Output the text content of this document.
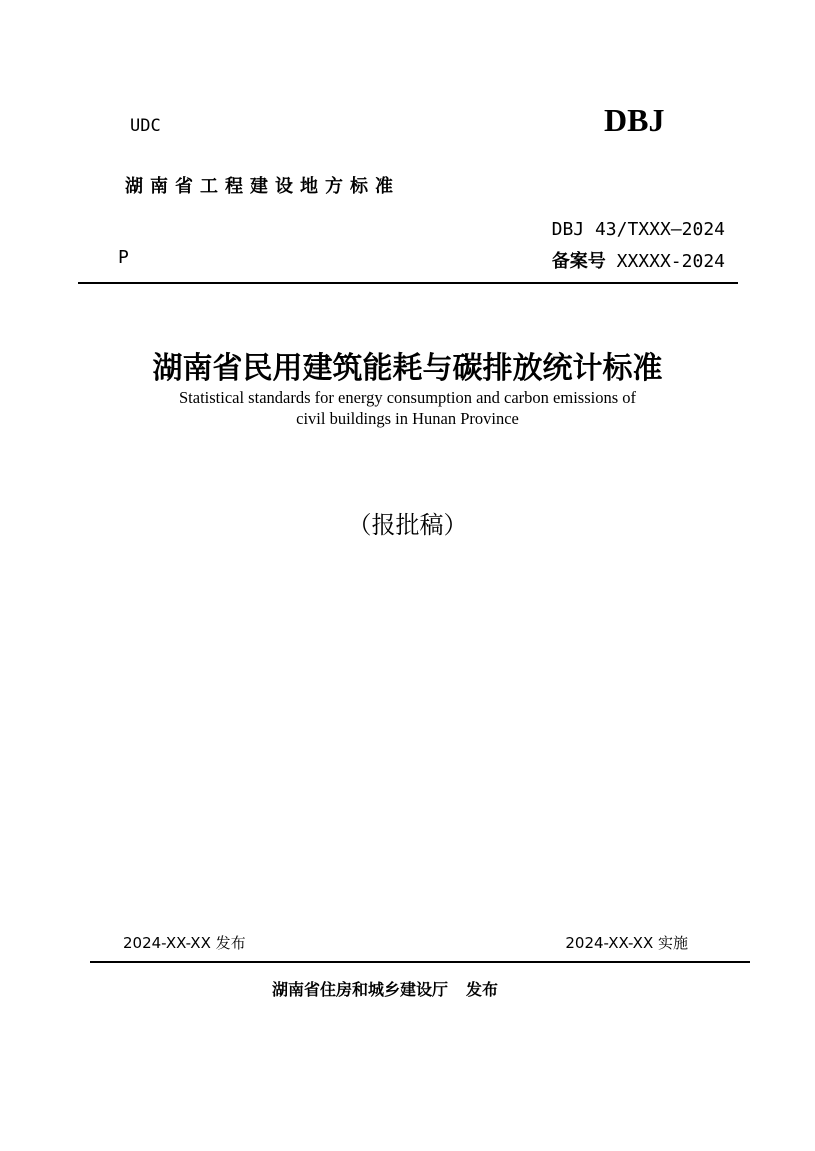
UDC	DBJ
湖南省工程建设地方标准
DBJ 43/TXXX—2024
P	备案号 XXXXX-2024
湖南省民用建筑能耗与碳排放统计标准
Statistical standards for energy consumption and carbon emissions of
civil buildings in Hunan Province
（报批稿）
2024-XX-XX 发布	2024-XX-XX 实施
湖南省住房和城乡建设厅 发布
